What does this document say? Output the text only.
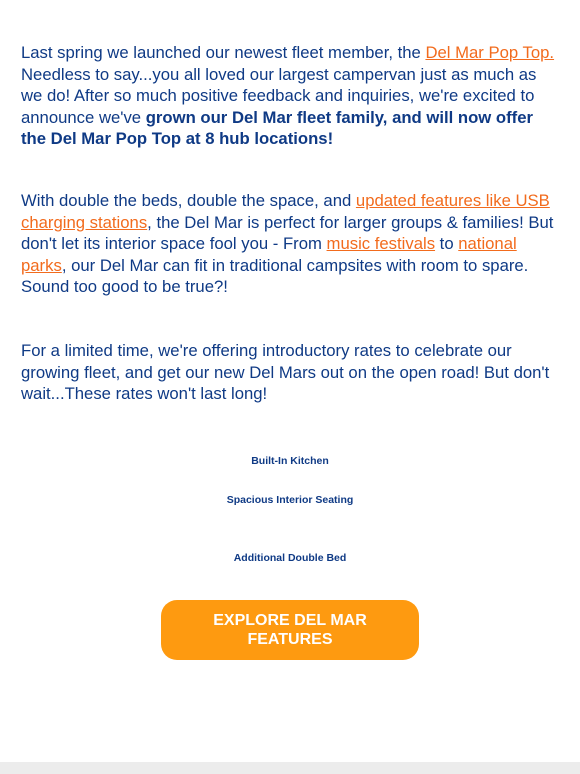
Last spring we launched our newest fleet member, the Del Mar Pop Top. Needless to say...you all loved our largest campervan just as much as we do! After so much positive feedback and inquiries, we're excited to announce we've grown our Del Mar fleet family, and will now offer the Del Mar Pop Top at 8 hub locations!

With double the beds, double the space, and updated features like USB charging stations, the Del Mar is perfect for larger groups & families! But don't let its interior space fool you - From music festivals to national parks, our Del Mar can fit in traditional campsites with room to spare. Sound too good to be true?!

For a limited time, we're offering introductory rates to celebrate our growing fleet, and get our new Del Mars out on the open road! But don't wait...These rates won't last long!

Built-In Kitchen
Spacious Interior Seating
Additional Double Bed
EXPLORE DEL MAR FEATURES
